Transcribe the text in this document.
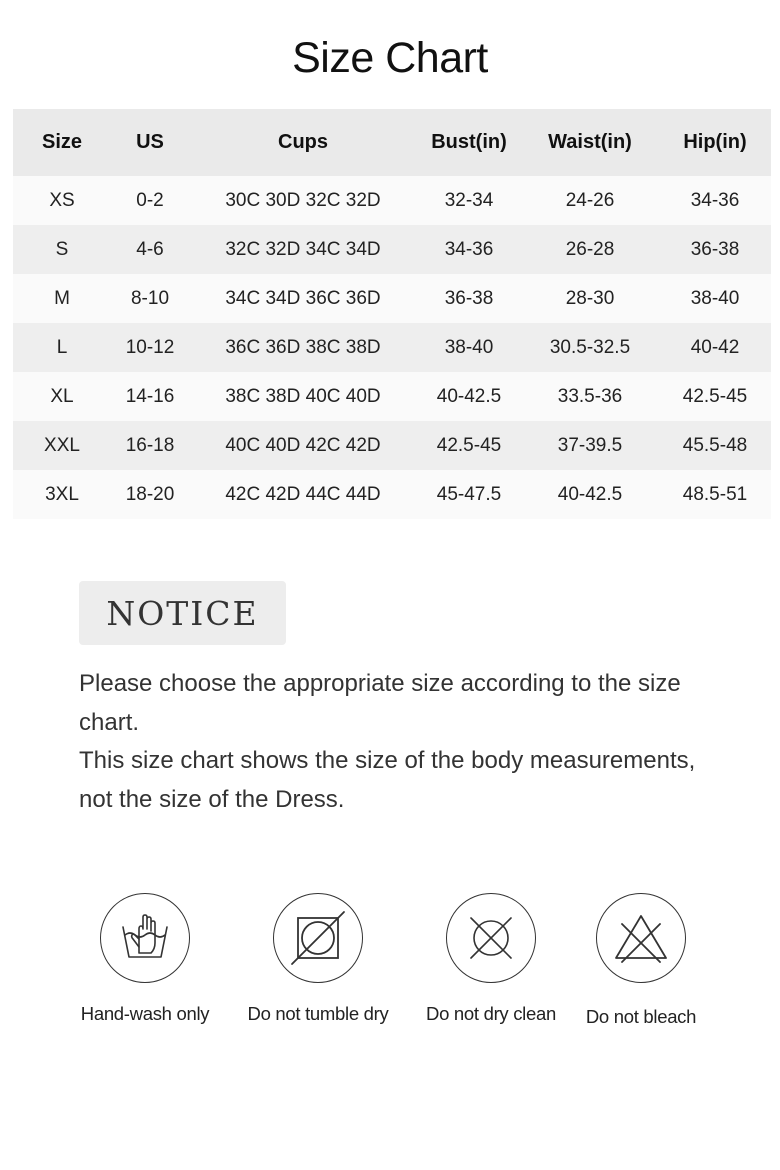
Size Chart
Size	US	Cups	Bust(in)	Waist(in)	Hip(in)
XS	0-2	30C 30D 32C 32D	32-34	24-26	34-36
S	4-6	32C 32D 34C 34D	34-36	26-28	36-38
M	8-10	34C 34D 36C 36D	36-38	28-30	38-40
L	10-12	36C 36D 38C 38D	38-40	30.5-32.5	40-42
XL	14-16	38C 38D 40C 40D	40-42.5	33.5-36	42.5-45
XXL	16-18	40C 40D 42C 42D	42.5-45	37-39.5	45.5-48
3XL	18-20	42C 42D 44C 44D	45-47.5	40-42.5	48.5-51
NOTICE

Please choose the appropriate size according to the size chart.

This size chart shows the size of the body measurements, not the size of the Dress.

Hand-wash only	Do not tumble dry	Do not dry clean	Do not bleach
